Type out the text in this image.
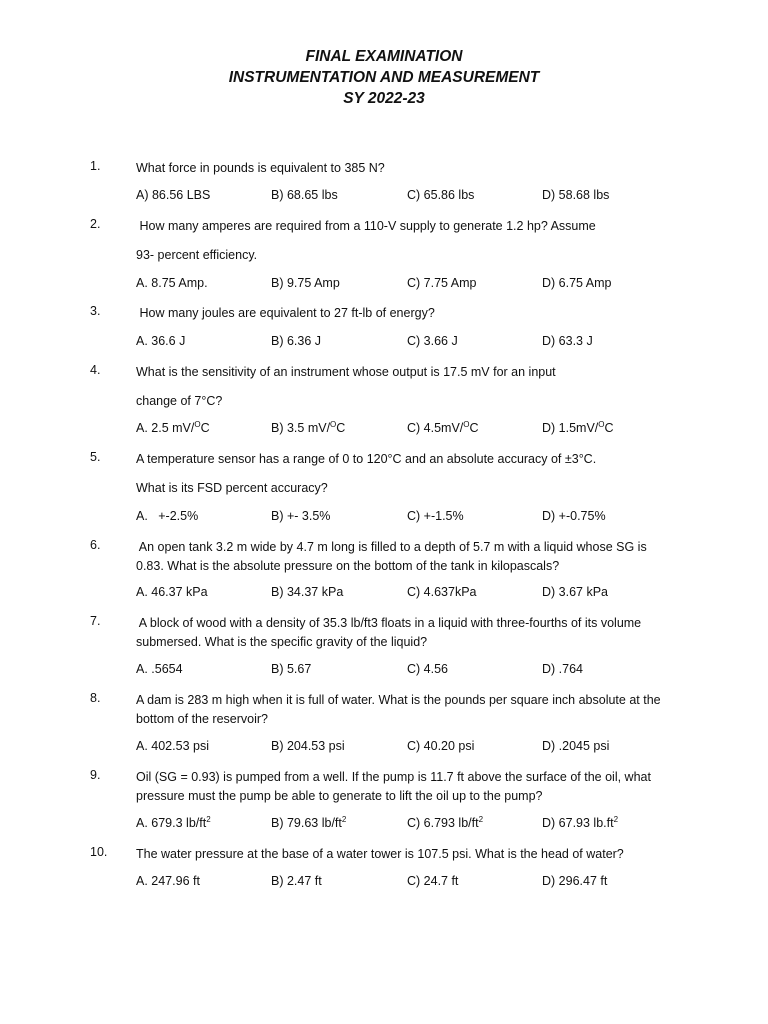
FINAL EXAMINATION
INSTRUMENTATION AND MEASUREMENT
SY 2022-23
1.	What force in pounds is equivalent to 385 N?
A) 86.56 LBS	B) 68.65 lbs	C) 65.86 lbs	D) 58.68 lbs
2.	How many amperes are required from a 110-V supply to generate 1.2 hp? Assume
93- percent efficiency.
A. 8.75 Amp.	B) 9.75 Amp	C) 7.75 Amp	D) 6.75 Amp
3.	How many joules are equivalent to 27 ft-lb of energy?
A. 36.6 J	B) 6.36 J	C) 3.66 J	D) 63.3 J
4.	What is the sensitivity of an instrument whose output is 17.5 mV for an input
change of 7°C?
A. 2.5 mV/$^O$C	B) 3.5 mV/$^O$C	C) 4.5mV/$^O$C	D) 1.5mV/$^O$C
5.	A temperature sensor has a range of 0 to 120°C and an absolute accuracy of ±3°C.
What is its FSD percent accuracy?
A.   +-2.5%	B) +- 3.5%	C) +-1.5%	D) +-0.75%
6.	An open tank 3.2 m wide by 4.7 m long is filled to a depth of 5.7 m with a liquid whose SG is
0.83. What is the absolute pressure on the bottom of the tank in kilopascals?
A. 46.37 kPa	B) 34.37 kPa	C) 4.637kPa	D) 3.67 kPa
7.	A block of wood with a density of 35.3 lb/ft3 floats in a liquid with three-fourths of its volume
submersed. What is the specific gravity of the liquid?
A. .5654	B) 5.67	C) 4.56	D) .764
8.	A dam is 283 m high when it is full of water. What is the pounds per square inch absolute at the
bottom of the reservoir?
A. 402.53 psi	B) 204.53 psi	C) 40.20 psi	D) .2045 psi
9.	Oil (SG = 0.93) is pumped from a well. If the pump is 11.7 ft above the surface of the oil, what
pressure must the pump be able to generate to lift the oil up to the pump?
A. 679.3 $lb/ft^2$	B) 79.63 $lb/ft^2$	C) 6.793 $lb/ft^2$	D) 67.93 $lb.ft^2$
10. The water pressure at the base of a water tower is 107.5 psi. What is the head of water?
A. 247.96 ft	B) 2.47 ft	C) 24.7 ft	D) 296.47 ft
